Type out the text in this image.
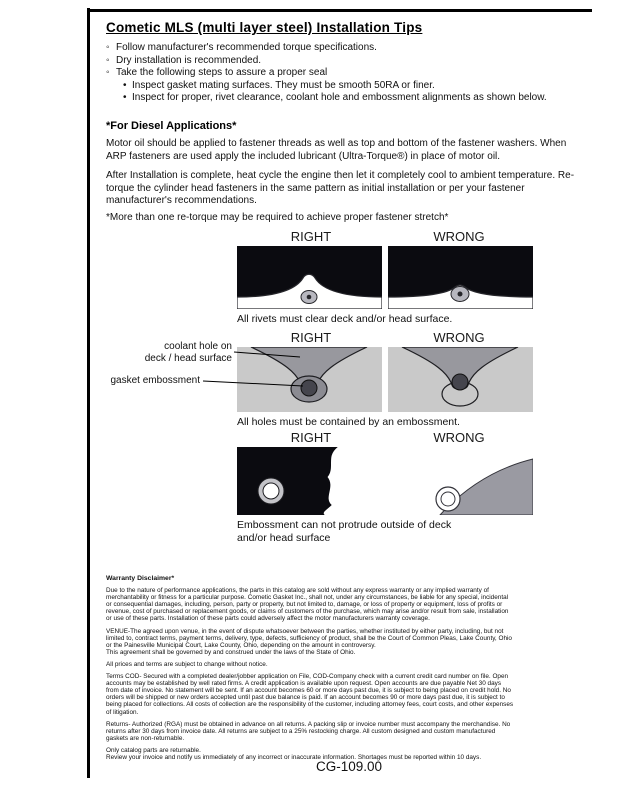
Cometic MLS (multi layer steel) Installation Tips
◦ Follow manufacturer's recommended torque specifications.
◦ Dry installation is recommended.
◦ Take the following steps to assure a proper seal
• Inspect gasket mating surfaces. They must be smooth 50RA or finer.
• Inspect for proper, rivet clearance, coolant hole and embossment alignments as shown below.
*For Diesel Applications*

Motor oil should be applied to fastener threads as well as top and bottom of the fastener washers. When ARP fasteners are used apply the included lubricant (Ultra-Torque®) in place of motor oil.

After Installation is complete, heat cycle the engine then let it completely cool to ambient temperature. Re-torque the cylinder head fasteners in the same pattern as initial installation or per your fastener manufacturer's recommendations.

*More than one re-torque may be required to achieve proper fastener stretch*

RIGHT	WRONG
All rivets must clear deck and/or head surface.
RIGHT	WRONG
All holes must be contained by an embossment.
RIGHT	WRONG
Embossment can not protrude outside of deck and/or head surface
coolant hole on
deck / head surface
gasket embossment
Warranty Disclaimer*

Due to the nature of performance applications, the parts in this catalog are sold without any express warranty or any implied warranty of merchantability or fitness for a particular purpose. Cometic Gasket Inc., shall not, under any circumstances, be liable for any special, incidental or consequential damages, including, person, party or property, but not limited to, damage, or loss of property or equipment, loss of profits or revenue, cost of purchased or replacement goods, or claims of customers of the purchase, which may arise and/or result from sale, installation or use of these parts. Installation of these parts could adversely affect the motor manufacturers warranty coverage.

VENUE-The agreed upon venue, in the event of dispute whatsoever between the parties, whether instituted by either party, including, but not limited to, contract terms, payment terms, delivery, type, defects, sufficiency of product, shall be the Court of Common Pleas, Lake County, Ohio or the Painesville Municipal Court, Lake County, Ohio, depending on the amount in controversy.

This agreement shall be governed by and construed under the laws of the State of Ohio.

All prices and terms are subject to change without notice.

Terms COD- Secured with a completed dealer/jobber application on File, COD-Company check with a current credit card number on file. Open accounts may be established by well rated firms. A credit application is available upon request. Open accounts are due payable Net 30 days from date of invoice. No statement will be sent. If an account becomes 60 or more days past due, it is subject to being placed on credit hold. No orders will be shipped or new orders accepted until past due balance is paid. If an account becomes 90 or more days past due, it is subject to being placed for collections. All costs of collection are the responsibility of the customer, including attorney fees, court costs, and other expenses of litigation.

Returns- Authorized (RGA) must be obtained in advance on all returns. A packing slip or invoice number must accompany the merchandise. No returns after 30 days from invoice date. All returns are subject to a 25% restocking charge. All custom designed and custom manufactured gaskets are non-returnable.

Only catalog parts are returnable.

Review your invoice and notify us immediately of any incorrect or inaccurate information. Shortages must be reported within 10 days.

CG-109.00
